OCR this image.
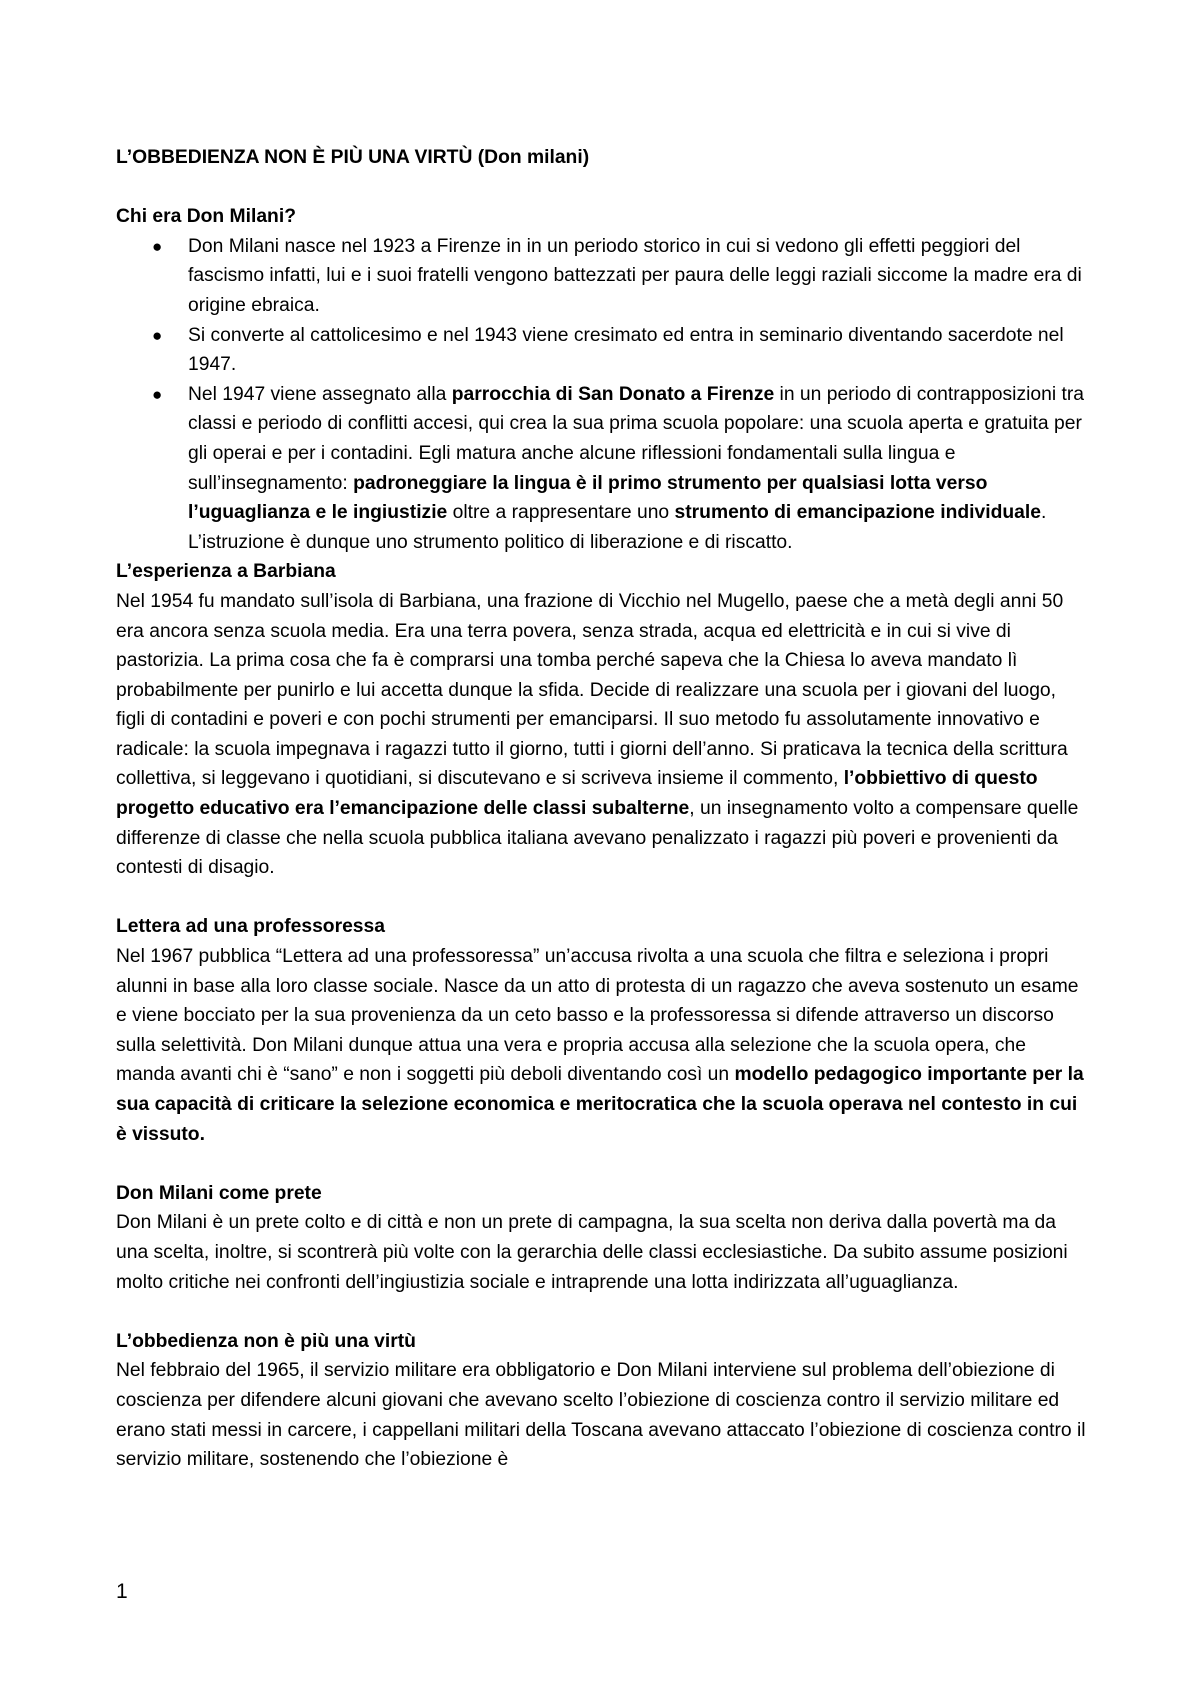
L’OBBEDIENZA NON È PIÙ UNA VIRTÙ (Don milani)

Chi era Don Milani?

● Don Milani nasce nel 1923 a Firenze in in un periodo storico in cui si vedono gli effetti peggiori del fascismo infatti, lui e i suoi fratelli vengono battezzati per paura delle leggi raziali siccome la madre era di origine ebraica.
● Si converte al cattolicesimo e nel 1943 viene cresimato ed entra in seminario diventando sacerdote nel 1947.
● Nel 1947 viene assegnato alla parrocchia di San Donato a Firenze in un periodo di contrapposizioni tra classi e periodo di conflitti accesi, qui crea la sua prima scuola popolare: una scuola aperta e gratuita per gli operai e per i contadini. Egli matura anche alcune riflessioni fondamentali sulla lingua e sull’insegnamento: padroneggiare la lingua è il primo strumento per qualsiasi lotta verso l’uguaglianza e le ingiustizie oltre a rappresentare uno strumento di emancipazione individuale. L’istruzione è dunque uno strumento politico di liberazione e di riscatto.

L’esperienza a Barbiana

Nel 1954 fu mandato sull’isola di Barbiana, una frazione di Vicchio nel Mugello, paese che a metà degli anni 50 era ancora senza scuola media. Era una terra povera, senza strada, acqua ed elettricità e in cui si vive di pastorizia. La prima cosa che fa è comprarsi una tomba perché sapeva che la Chiesa lo aveva mandato lì probabilmente per punirlo e lui accetta dunque la sfida. Decide di realizzare una scuola per i giovani del luogo, figli di contadini e poveri e con pochi strumenti per emanciparsi. Il suo metodo fu assolutamente innovativo e radicale: la scuola impegnava i ragazzi tutto il giorno, tutti i giorni dell’anno. Si praticava la tecnica della scrittura collettiva, si leggevano i quotidiani, si discutevano e si scriveva insieme il commento, l’obbiettivo di questo progetto educativo era l’emancipazione delle classi subalterne, un insegnamento volto a compensare quelle differenze di classe che nella scuola pubblica italiana avevano penalizzato i ragazzi più poveri e provenienti da contesti di disagio.

Lettera ad una professoressa

Nel 1967 pubblica “Lettera ad una professoressa” un’accusa rivolta a una scuola che filtra e seleziona i propri alunni in base alla loro classe sociale. Nasce da un atto di protesta di un ragazzo che aveva sostenuto un esame e viene bocciato per la sua provenienza da un ceto basso e la professoressa si difende attraverso un discorso sulla selettività. Don Milani dunque attua una vera e propria accusa alla selezione che la scuola opera, che manda avanti chi è “sano” e non i soggetti più deboli diventando così un modello pedagogico importante per la sua capacità di criticare la selezione economica e meritocratica che la scuola operava nel contesto in cui è vissuto.

Don Milani come prete

Don Milani è un prete colto e di città e non un prete di campagna, la sua scelta non deriva dalla povertà ma da una scelta, inoltre, si scontrerà più volte con la gerarchia delle classi ecclesiastiche. Da subito assume posizioni molto critiche nei confronti dell’ingiustizia sociale e intraprende una lotta indirizzata all’uguaglianza.

L’obbedienza non è più una virtù

Nel febbraio del 1965, il servizio militare era obbligatorio e Don Milani interviene sul problema dell’obiezione di coscienza per difendere alcuni giovani che avevano scelto l’obiezione di coscienza contro il servizio militare ed erano stati messi in carcere, i cappellani militari della Toscana avevano attaccato l’obiezione di coscienza contro il servizio militare, sostenendo che l’obiezione è

1
